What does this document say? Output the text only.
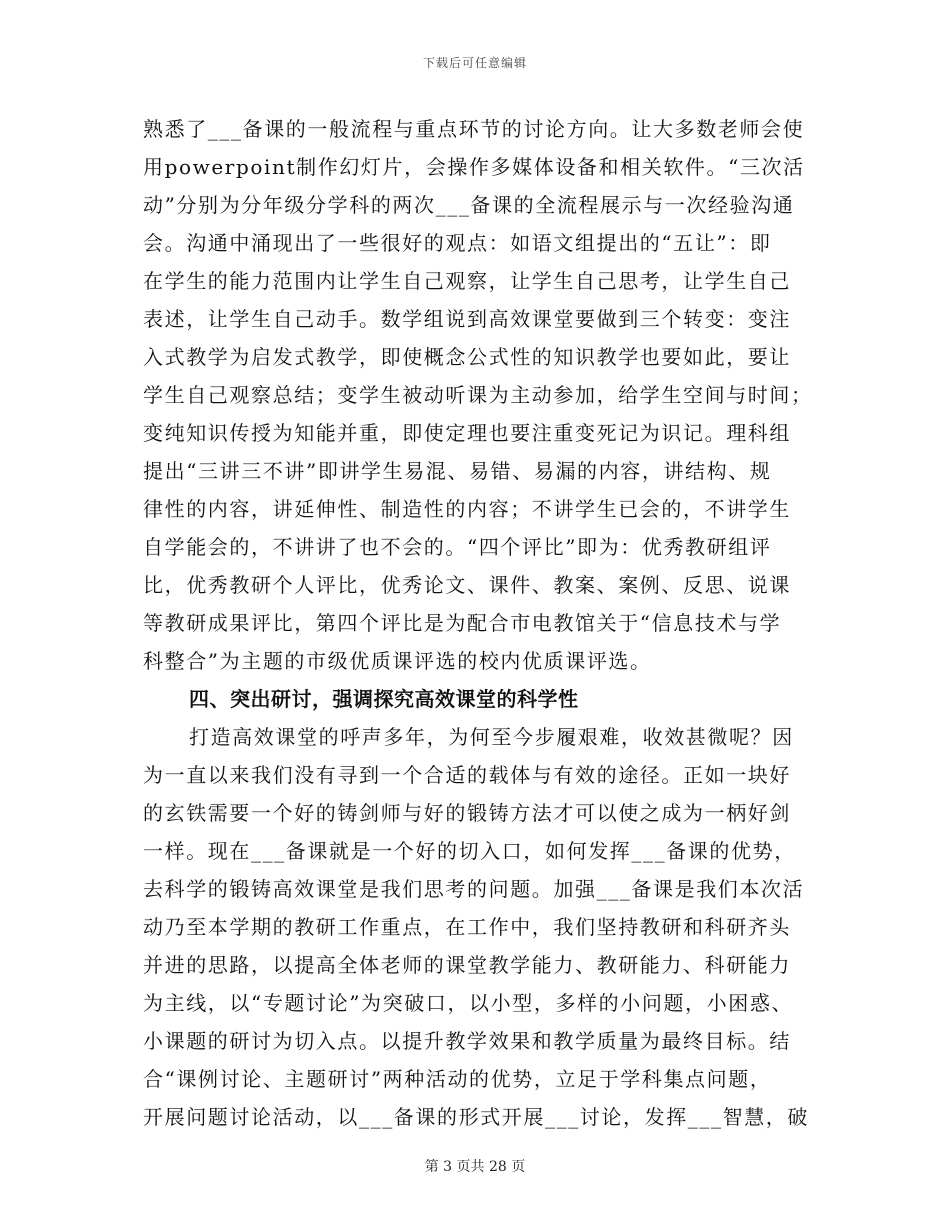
下载后可任意编辑
熟悉了___备课的一般流程与重点环节的讨论方向。让大多数老师会使
用powerpoint制作幻灯片，会操作多媒体设备和相关软件。“三次活
动”分别为分年级分学科的两次___备课的全流程展示与一次经验沟通
会。沟通中涌现出了一些很好的观点：如语文组提出的“五让”：即
在学生的能力范围内让学生自己观察，让学生自己思考，让学生自己
表述，让学生自己动手。数学组说到高效课堂要做到三个转变：变注
入式教学为启发式教学，即使概念公式性的知识教学也要如此，要让
学生自己观察总结；变学生被动听课为主动参加，给学生空间与时间；
变纯知识传授为知能并重，即使定理也要注重变死记为识记。理科组
提出“三讲三不讲”即讲学生易混、易错、易漏的内容，讲结构、规
律性的内容，讲延伸性、制造性的内容；不讲学生已会的，不讲学生
自学能会的，不讲讲了也不会的。“四个评比”即为：优秀教研组评
比，优秀教研个人评比，优秀论文、课件、教案、案例、反思、说课
等教研成果评比，第四个评比是为配合市电教馆关于“信息技术与学
科整合”为主题的市级优质课评选的校内优质课评选。
四、突出研讨，强调探究高效课堂的科学性
打造高效课堂的呼声多年，为何至今步履艰难，收效甚微呢？因
为一直以来我们没有寻到一个合适的载体与有效的途径。正如一块好
的玄铁需要一个好的铸剑师与好的锻铸方法才可以使之成为一柄好剑
一样。现在___备课就是一个好的切入口，如何发挥___备课的优势，
去科学的锻铸高效课堂是我们思考的问题。加强___备课是我们本次活
动乃至本学期的教研工作重点，在工作中，我们坚持教研和科研齐头
并进的思路，以提高全体老师的课堂教学能力、教研能力、科研能力
为主线，以“专题讨论”为突破口，以小型，多样的小问题，小困惑、
小课题的研讨为切入点。以提升教学效果和教学质量为最终目标。结
合“课例讨论、主题研讨”两种活动的优势，立足于学科集点问题，
开展问题讨论活动，以___备课的形式开展___讨论，发挥___智慧，破
第 3 页共 28 页
